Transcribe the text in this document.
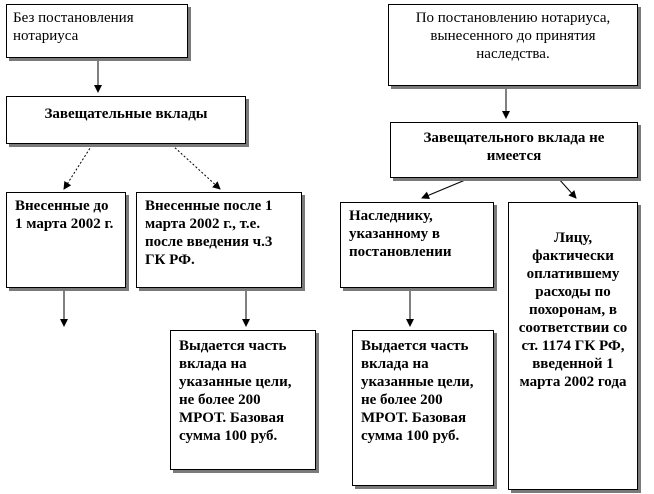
Без постановления нотариуса
По постановлению нотариуса, вынесенного до принятия наследства.
Завещательные вклады
Завещательного вклада не имеется
Внесенные до 1 марта 2002 г.
Внесенные после 1 марта 2002 г., т.е. после введения ч.3 ГК РФ.
Наследнику, указанному в постановлении
Лицу, фактически оплатившему расходы по похоронам, в соответствии со ст. 1174 ГК РФ, введенной 1 марта 2002 года
Выдается часть вклада на указанные цели, не более 200 МРОТ. Базовая сумма 100 руб.
Выдается часть вклада на указанные цели, не более 200 МРОТ. Базовая сумма 100 руб.
